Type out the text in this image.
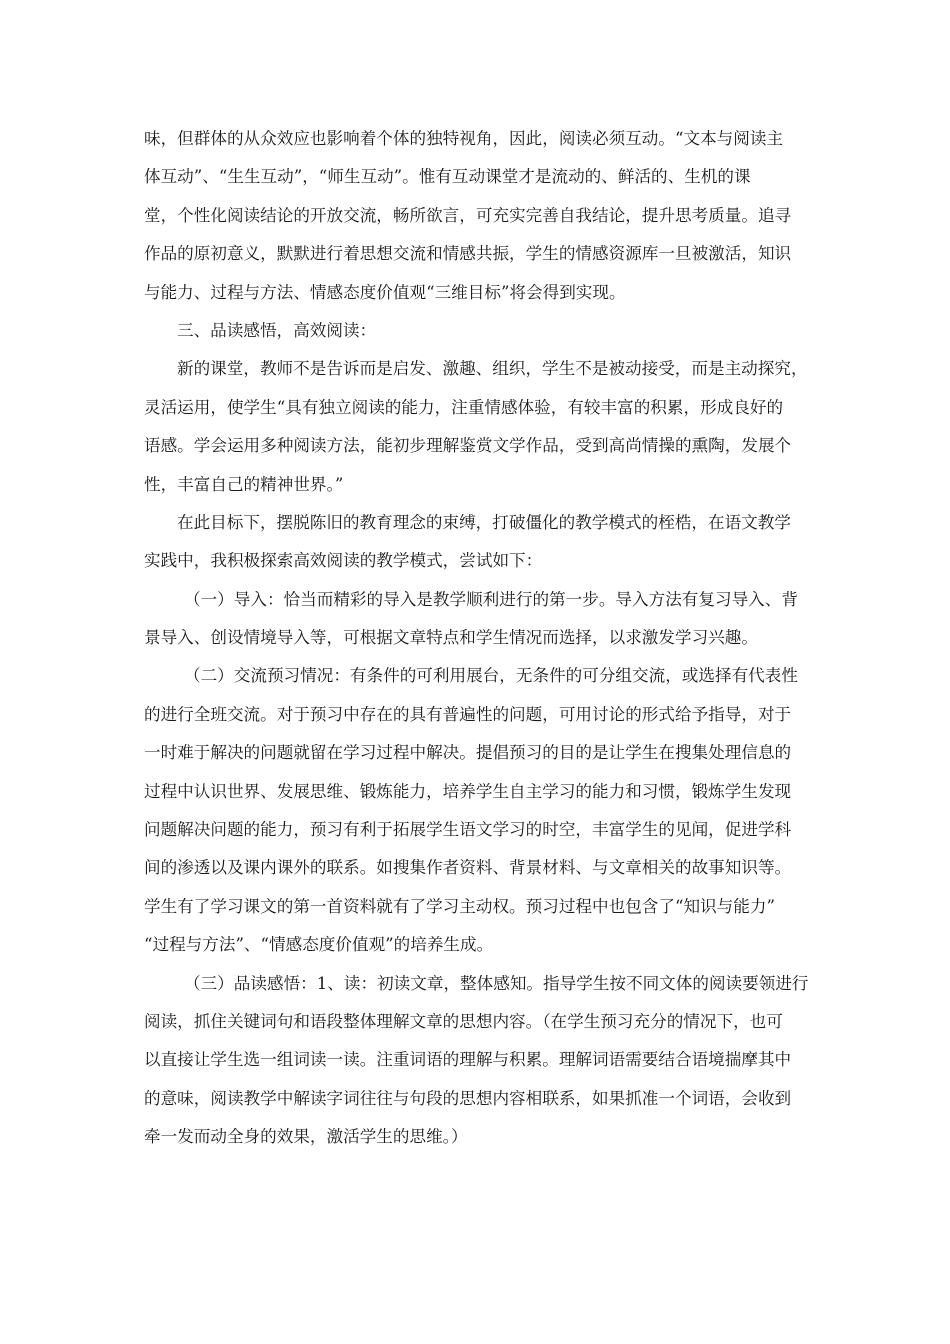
味，但群体的从众效应也影响着个体的独特视角，因此，阅读必须互动。“文本与阅读主
体互动”、“生生互动”，“师生互动”。惟有互动课堂才是流动的、鲜活的、生机的课
堂，个性化阅读结论的开放交流，畅所欲言，可充实完善自我结论，提升思考质量。追寻
作品的原初意义，默默进行着思想交流和情感共振，学生的情感资源库一旦被激活，知识
与能力、过程与方法、情感态度价值观“三维目标”将会得到实现。
三、品读感悟，高效阅读：
新的课堂，教师不是告诉而是启发、激趣、组织，学生不是被动接受，而是主动探究，
灵活运用，使学生“具有独立阅读的能力，注重情感体验，有较丰富的积累，形成良好的
语感。学会运用多种阅读方法，能初步理解鉴赏文学作品，受到高尚情操的熏陶，发展个
性，丰富自己的精神世界。”
在此目标下，摆脱陈旧的教育理念的束缚，打破僵化的教学模式的桎梏，在语文教学
实践中，我积极探索高效阅读的教学模式，尝试如下：
（一）导入：恰当而精彩的导入是教学顺利进行的第一步。导入方法有复习导入、背
景导入、创设情境导入等，可根据文章特点和学生情况而选择，以求激发学习兴趣。
（二）交流预习情况：有条件的可利用展台，无条件的可分组交流，或选择有代表性
的进行全班交流。对于预习中存在的具有普遍性的问题，可用讨论的形式给予指导，对于
一时难于解决的问题就留在学习过程中解决。提倡预习的目的是让学生在搜集处理信息的
过程中认识世界、发展思维、锻炼能力，培养学生自主学习的能力和习惯，锻炼学生发现
问题解决问题的能力，预习有利于拓展学生语文学习的时空，丰富学生的见闻，促进学科
间的渗透以及课内课外的联系。如搜集作者资料、背景材料、与文章相关的故事知识等。
学生有了学习课文的第一首资料就有了学习主动权。预习过程中也包含了“知识与能力”
“过程与方法”、“情感态度价值观”的培养生成。
（三）品读感悟：1、读：初读文章，整体感知。指导学生按不同文体的阅读要领进行
阅读，抓住关键词句和语段整体理解文章的思想内容。（在学生预习充分的情况下，也可
以直接让学生选一组词读一读。注重词语的理解与积累。理解词语需要结合语境揣摩其中
的意味，阅读教学中解读字词往往与句段的思想内容相联系，如果抓准一个词语，会收到
牵一发而动全身的效果，激活学生的思维。）
